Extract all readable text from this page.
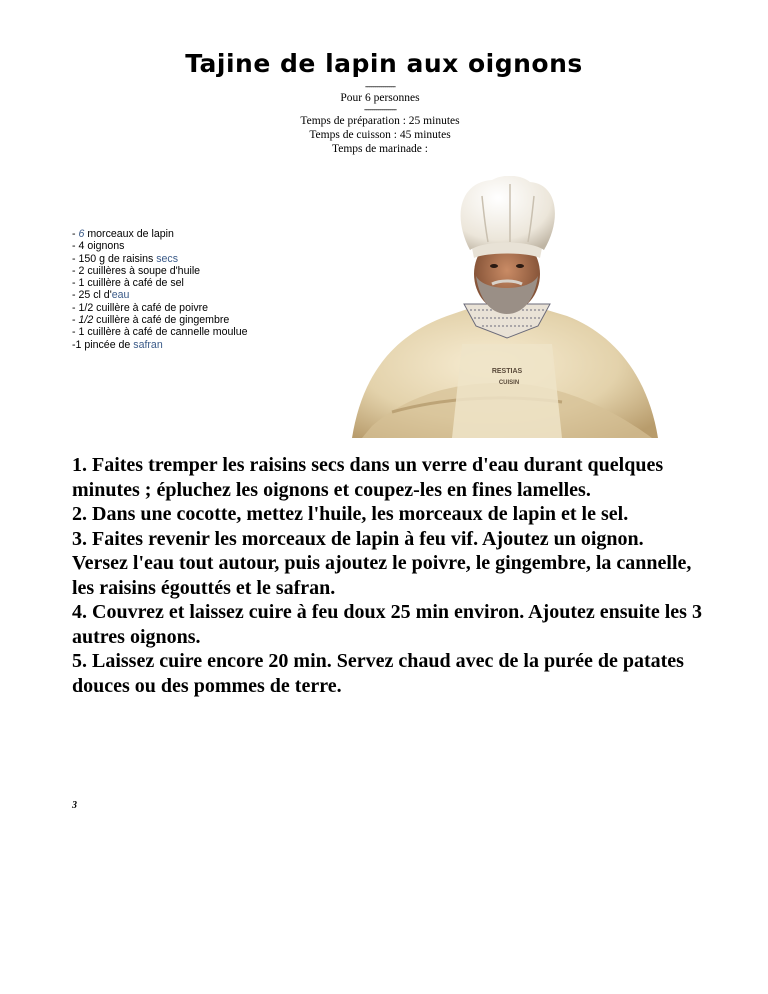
Tajine de lapin aux oignons
---------------
Pour 6 personnes
----------------
Temps de préparation : 25 minutes
Temps de cuisson : 45 minutes
Temps de marinade :
- 6 morceaux de lapin
- 4 oignons
- 150 g de raisins secs
- 2 cuillères à soupe d'huile
- 1 cuillère à café de sel
- 25 cl d'eau
- 1/2 cuillère à café de poivre
- 1/2 cuillère à café de gingembre
- 1 cuillère à café de cannelle moulue
-1 pincée de safran
RESTIAS
CUISIN

1. Faites tremper les raisins secs dans un verre d'eau durant quelques minutes ; épluchez les oignons et coupez-les en fines lamelles.

2. Dans une cocotte, mettez l'huile, les morceaux de lapin et le sel.

3. Faites revenir les morceaux de lapin à feu vif. Ajoutez un oignon. Versez l'eau tout autour, puis ajoutez le poivre, le gingembre, la cannelle, les raisins égouttés et le safran.

4. Couvrez et laissez cuire à feu doux 25 min environ. Ajoutez ensuite les 3 autres oignons.

5. Laissez cuire encore 20 min. Servez chaud avec de la purée de patates douces ou des pommes de terre.

3
